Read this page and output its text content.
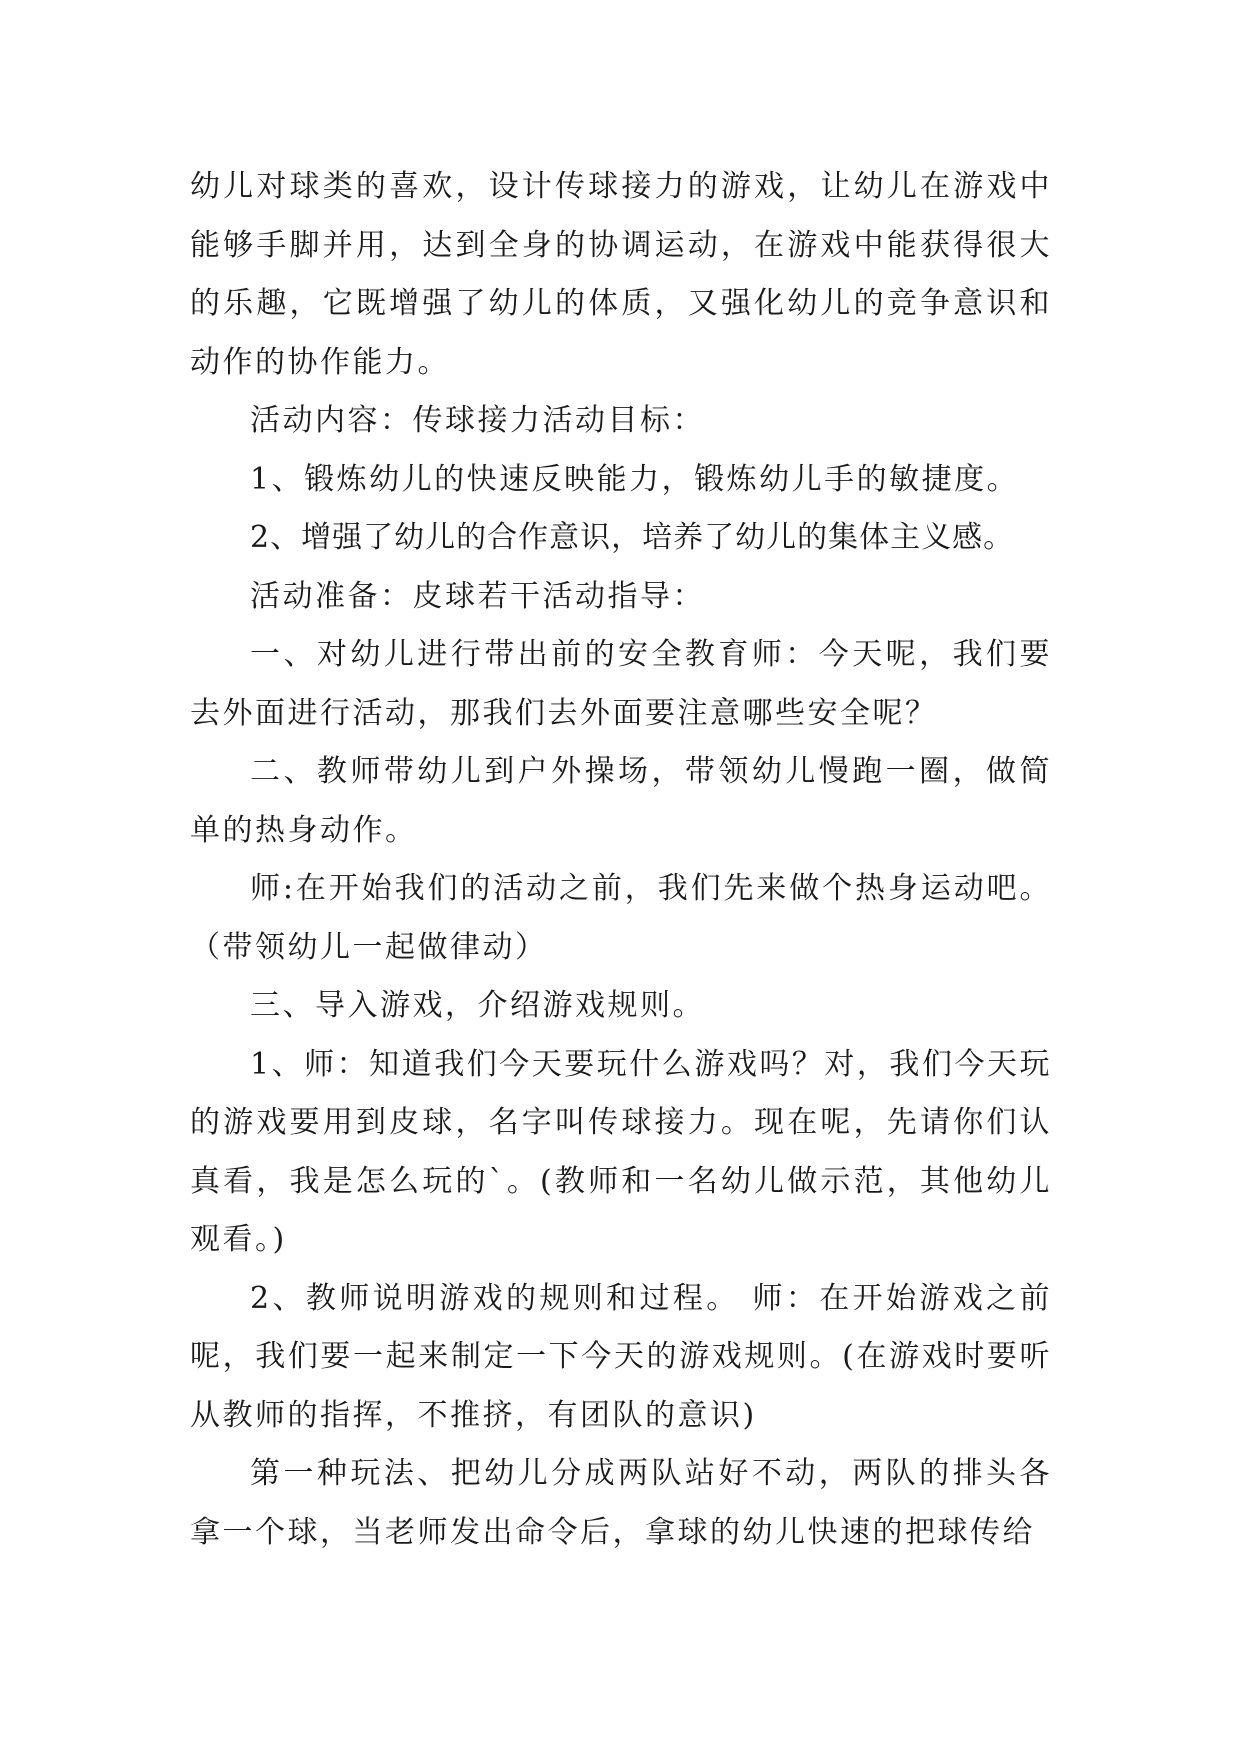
幼儿对球类的喜欢，设计传球接力的游戏，让幼儿在游戏中能够手脚并用，达到全身的协调运动，在游戏中能获得很大的乐趣，它既增强了幼儿的体质，又强化幼儿的竞争意识和动作的协作能力。

活动内容：传球接力活动目标：

1、锻炼幼儿的快速反映能力，锻炼幼儿手的敏捷度。

2、增强了幼儿的合作意识，培养了幼儿的集体主义感。

活动准备：皮球若干活动指导：

一、对幼儿进行带出前的安全教育师：今天呢，我们要去外面进行活动，那我们去外面要注意哪些安全呢？

二、教师带幼儿到户外操场，带领幼儿慢跑一圈，做简单的热身动作。

师:在开始我们的活动之前，我们先来做个热身运动吧。（带领幼儿一起做律动）

三、导入游戏，介绍游戏规则。

1、师：知道我们今天要玩什么游戏吗？对，我们今天玩的游戏要用到皮球，名字叫传球接力。现在呢，先请你们认真看，我是怎么玩的`。(教师和一名幼儿做示范，其他幼儿观看。)

2、教师说明游戏的规则和过程。 师：在开始游戏之前呢，我们要一起来制定一下今天的游戏规则。(在游戏时要听从教师的指挥，不推挤，有团队的意识)

第一种玩法、把幼儿分成两队站好不动，两队的排头各拿一个球，当老师发出命令后，拿球的幼儿快速的把球传给
